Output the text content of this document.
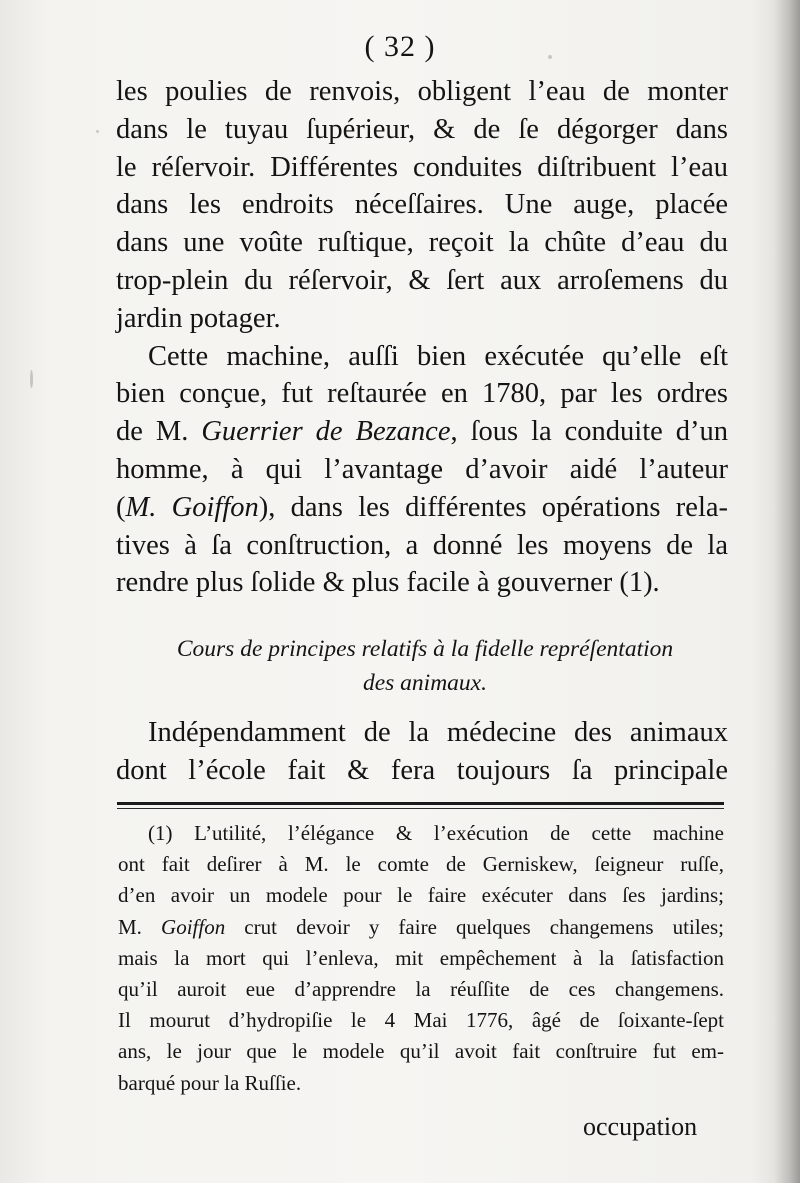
( 32 )
les poulies de renvois, obligent l’eau de monter
dans le tuyau ſupérieur, & de ſe dégorger dans
le réſervoir. Différentes conduites diſtribuent l’eau
dans les endroits néceſſaires. Une auge, placée
dans une voûte ruſtique, reçoit la chûte d’eau du
trop-plein du réſervoir, & ſert aux arroſemens du
jardin potager.
Cette machine, auſſi bien exécutée qu’elle eſt
bien conçue, fut reſtaurée en 1780, par les ordres
de M. Guerrier de Bezance, ſous la conduite d’un
homme, à qui l’avantage d’avoir aidé l’auteur
(M. Goiffon), dans les différentes opérations rela-
tives à ſa conſtruction, a donné les moyens de la
rendre plus ſolide & plus facile à gouverner (1).
Cours de principes relatifs à la fidelle repréſentation
des animaux.
Indépendamment de la médecine des animaux
dont l’école fait & fera toujours ſa principale
(1) L’utilité, l’élégance & l’exécution de cette machine
ont fait deſirer à M. le comte de Gerniskew, ſeigneur ruſſe,
d’en avoir un modele pour le faire exécuter dans ſes jardins;
M. Goiffon crut devoir y faire quelques changemens utiles;
mais la mort qui l’enleva, mit empêchement à la ſatisfaction
qu’il auroit eue d’apprendre la réuſſite de ces changemens.
Il mourut d’hydropiſie le 4 Mai 1776, âgé de ſoixante-ſept
ans, le jour que le modele qu’il avoit fait conſtruire fut em-
barqué pour la Ruſſie.
occupation
